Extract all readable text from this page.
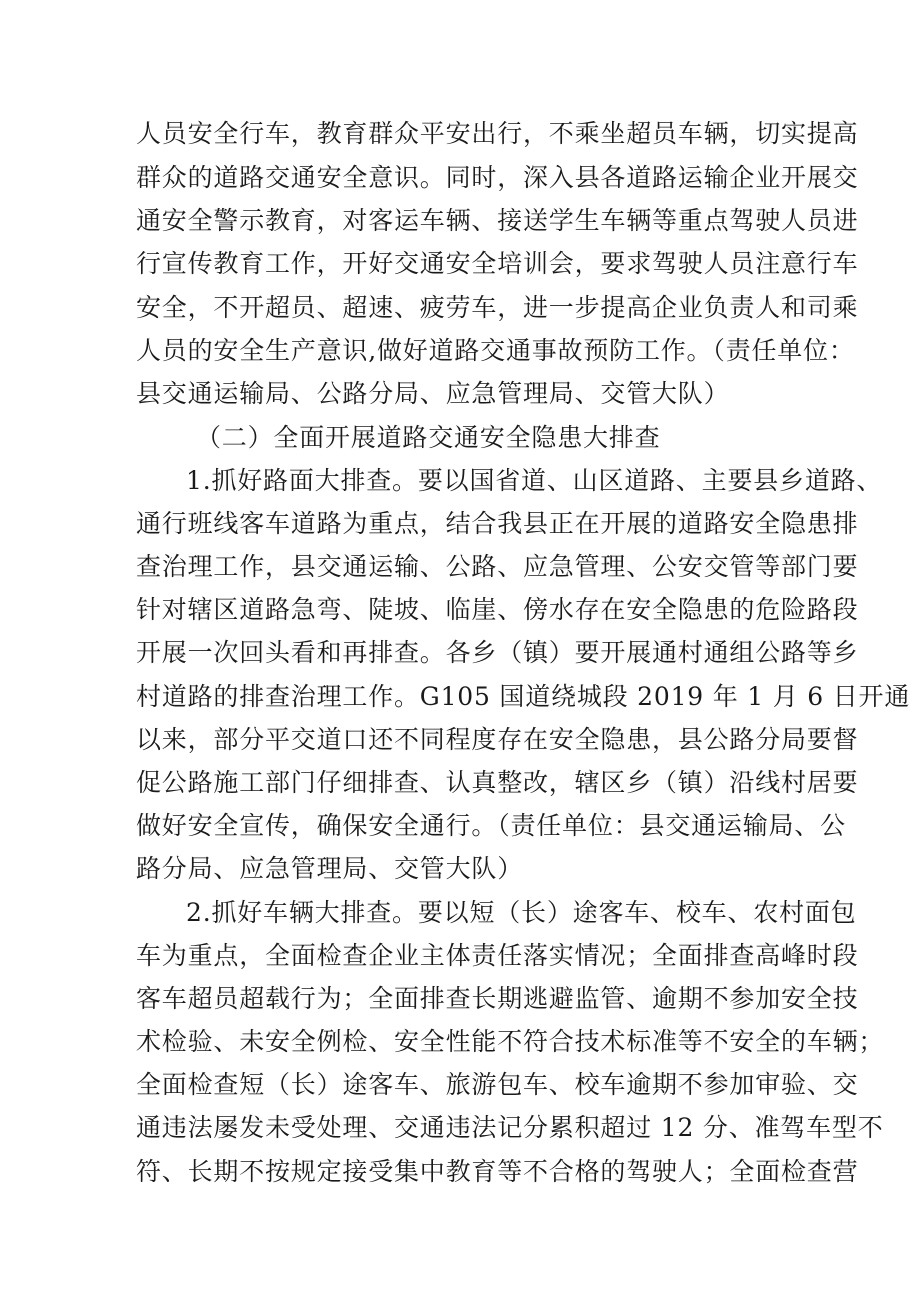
人员安全行车，教育群众平安出行，不乘坐超员车辆，切实提高
群众的道路交通安全意识。同时，深入县各道路运输企业开展交
通安全警示教育，对客运车辆、接送学生车辆等重点驾驶人员进
行宣传教育工作，开好交通安全培训会，要求驾驶人员注意行车
安全，不开超员、超速、疲劳车，进一步提高企业负责人和司乘
人员的安全生产意识,做好道路交通事故预防工作。（责任单位：
县交通运输局、公路分局、应急管理局、交管大队）
（二）全面开展道路交通安全隐患大排查
1.抓好路面大排查。要以国省道、山区道路、主要县乡道路、
通行班线客车道路为重点，结合我县正在开展的道路安全隐患排
查治理工作，县交通运输、公路、应急管理、公安交管等部门要
针对辖区道路急弯、陡坡、临崖、傍水存在安全隐患的危险路段
开展一次回头看和再排查。各乡（镇）要开展通村通组公路等乡
村道路的排查治理工作。G105 国道绕城段 2019 年 1 月 6 日开通
以来，部分平交道口还不同程度存在安全隐患，县公路分局要督
促公路施工部门仔细排查、认真整改，辖区乡（镇）沿线村居要
做好安全宣传，确保安全通行。（责任单位：县交通运输局、公
路分局、应急管理局、交管大队）
2.抓好车辆大排查。要以短（长）途客车、校车、农村面包
车为重点，全面检查企业主体责任落实情况；全面排查高峰时段
客车超员超载行为；全面排查长期逃避监管、逾期不参加安全技
术检验、未安全例检、安全性能不符合技术标准等不安全的车辆；
全面检查短（长）途客车、旅游包车、校车逾期不参加审验、交
通违法屡发未受处理、交通违法记分累积超过 12 分、准驾车型不
符、长期不按规定接受集中教育等不合格的驾驶人；全面检查营
